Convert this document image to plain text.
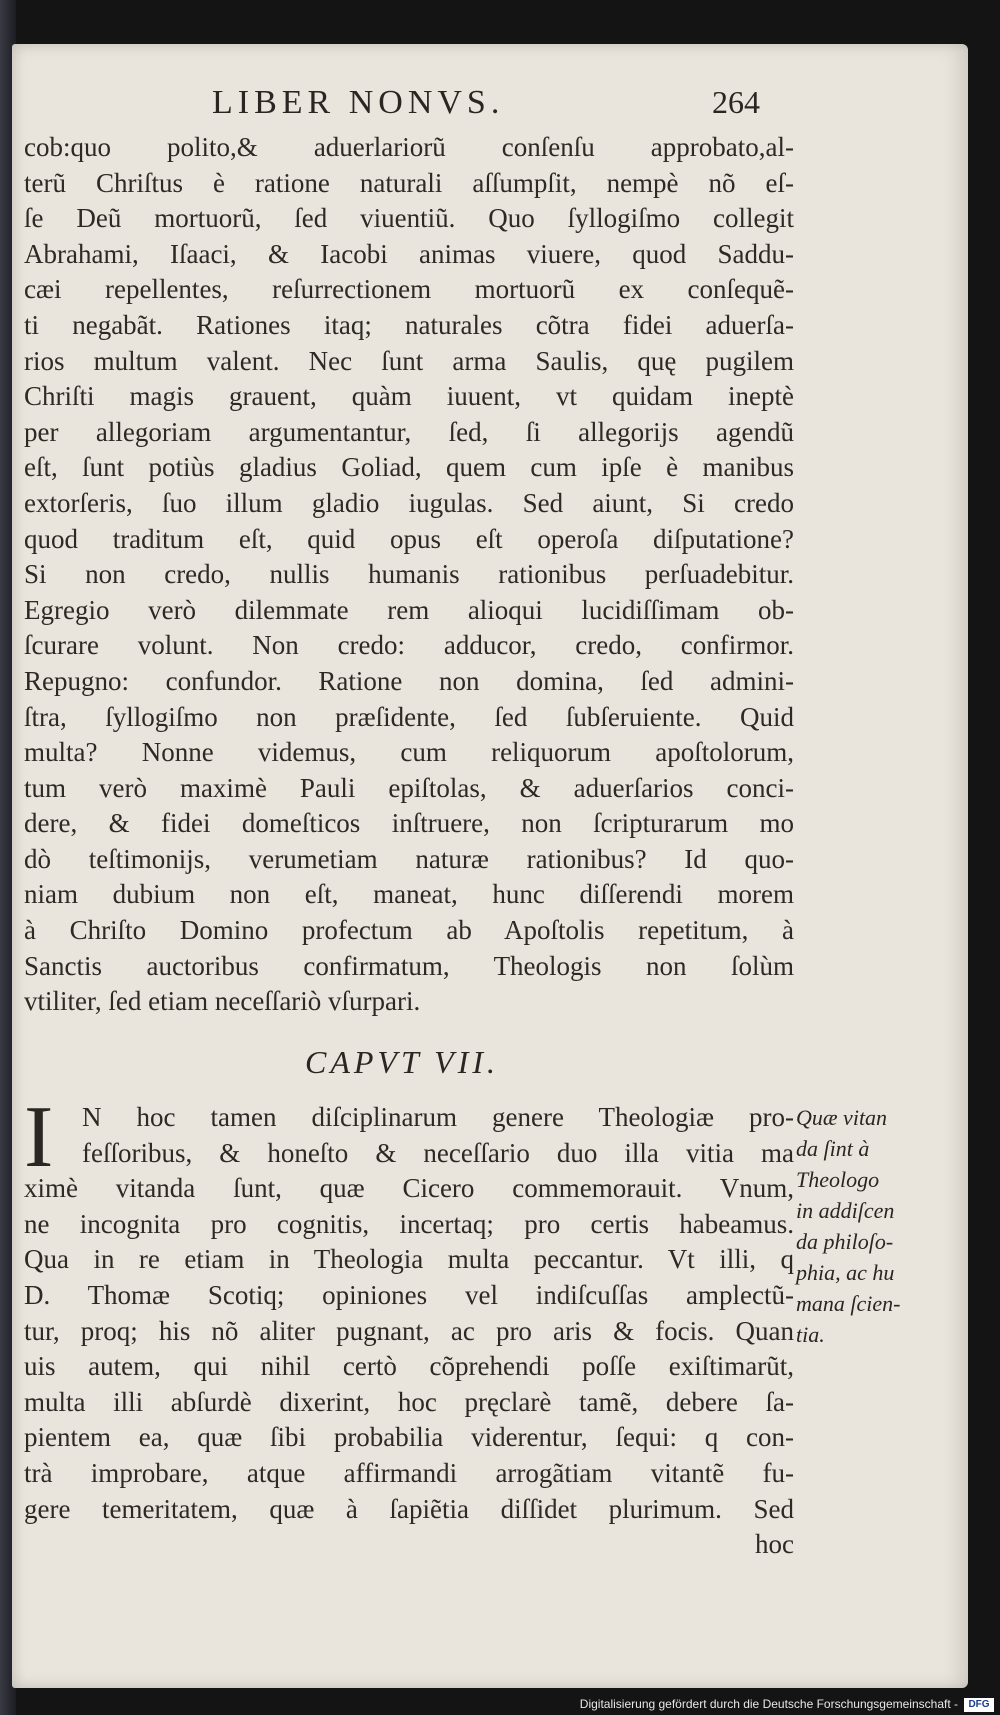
LIBER NONVS.	264
cob:quo polito,& aduerlariorũ conſenſu approbato,al-
terũ Chriſtus è ratione naturali aſſumpſit, nempè nõ eſ-
ſe Deũ mortuorũ, ſed viuentiũ. Quo ſyllogiſmo collegit
Abrahami, Iſaaci, & Iacobi animas viuere, quod Saddu-
cæi repellentes, reſurrectionem mortuorũ ex conſequẽ-
ti negabãt. Rationes itaq; naturales cõtra fidei aduerſa-
rios multum valent. Nec ſunt arma Saulis, quę pugilem
Chriſti magis grauent, quàm iuuent, vt quidam ineptè
per allegoriam argumentantur, ſed, ſi allegorijs agendũ
eſt, ſunt potiùs gladius Goliad, quem cum ipſe è manibus
extorſeris, ſuo illum gladio iugulas. Sed aiunt, Si credo
quod traditum eſt, quid opus eſt operoſa diſputatione?
Si non credo, nullis humanis rationibus perſuadebitur.
Egregio verò dilemmate rem alioqui lucidiſſimam ob-
ſcurare volunt. Non credo: adducor, credo, confirmor.
Repugno: confundor. Ratione non domina, ſed admini-
ſtra, ſyllogiſmo non præſidente, ſed ſubſeruiente. Quid
multa? Nonne videmus, cum reliquorum apoſtolorum,
tum verò maximè Pauli epiſtolas, & aduerſarios conci-
dere, & fidei domeſticos inſtruere, non ſcripturarum mo
dò teſtimonijs, verumetiam naturæ rationibus? Id quo-
niam dubium non eſt, maneat, hunc diſſerendi morem
à Chriſto Domino profectum ab Apoſtolis repetitum, à
Sanctis auctoribus confirmatum, Theologis non ſolùm
vtiliter, ſed etiam neceſſariò vſurpari.
CAPVT VII.
I	N hoc tamen diſciplinarum genere Theologiæ pro-
feſſoribus, & honeſto & neceſſario duo illa vitia ma
ximè vitanda ſunt, quæ Cicero commemorauit. Vnum,
ne incognita pro cognitis, incertaq; pro certis habeamus.
Qua in re etiam in Theologia multa peccantur. Vt illi, q
D. Thomæ Scotiq; opiniones vel indiſcuſſas amplectũ-
tur, proq; his nõ aliter pugnant, ac pro aris & focis. Quan
uis autem, qui nihil certò cõprehendi poſſe exiſtimarũt,
multa illi abſurdè dixerint, hoc pręclarè tamẽ, debere ſa-
pientem ea, quæ ſibi probabilia viderentur, ſequi: q con-
trà improbare, atque affirmandi arrogãtiam vitantẽ fu-
gere temeritatem, quæ à ſapiẽtia diſſidet plurimum. Sed
hoc
Quæ vitan
da ſint à
Theologo
in addiſcen
da philoſo-
phia, ac hu
mana ſcien-
tia.
Digitalisierung gefördert durch die Deutsche Forschungsgemeinschaft -	DFG
